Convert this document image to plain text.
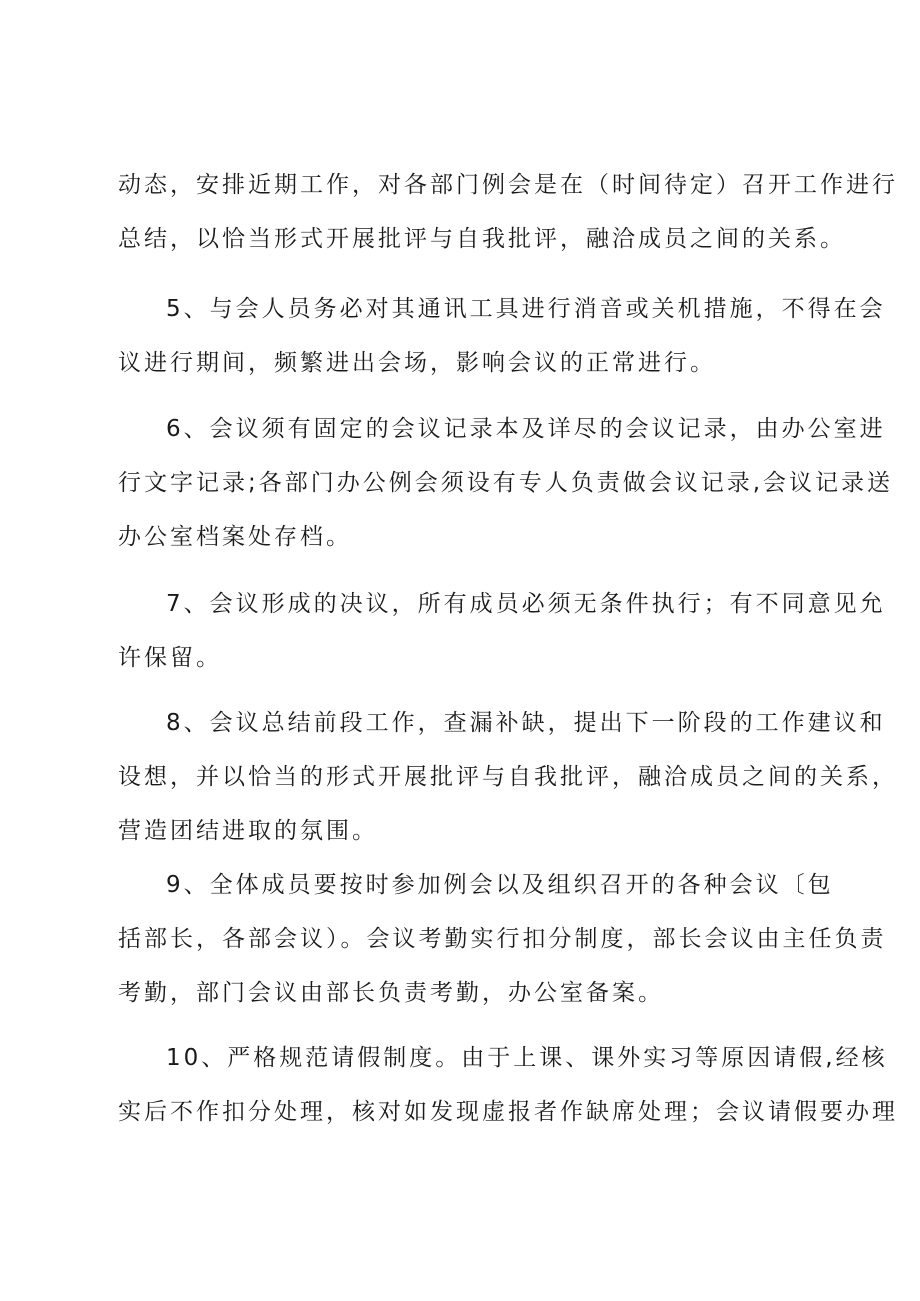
动态，安排近期工作，对各部门例会是在（时间待定）召开工作进行
总结，以恰当形式开展批评与自我批评，融洽成员之间的关系。
5、与会人员务必对其通讯工具进行消音或关机措施，不得在会
议进行期间，频繁进出会场，影响会议的正常进行。
6、会议须有固定的会议记录本及详尽的会议记录，由办公室进
行文字记录;各部门办公例会须设有专人负责做会议记录,会议记录送
办公室档案处存档。
7、会议形成的决议，所有成员必须无条件执行；有不同意见允
许保留。
8、会议总结前段工作，查漏补缺，提出下一阶段的工作建议和
设想，并以恰当的形式开展批评与自我批评，融洽成员之间的关系，
营造团结进取的氛围。
9、全体成员要按时参加例会以及组织召开的各种会议〔包
括部长，各部会议）。会议考勤实行扣分制度，部长会议由主任负责
考勤，部门会议由部长负责考勤，办公室备案。
10、严格规范请假制度。由于上课、课外实习等原因请假,经核
实后不作扣分处理，核对如发现虚报者作缺席处理；会议请假要办理
